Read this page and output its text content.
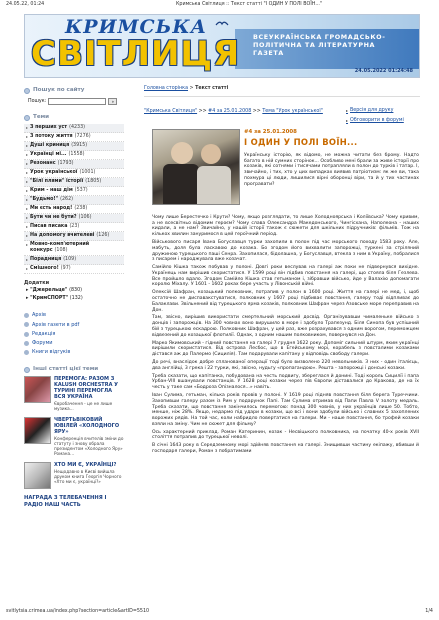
24.05.22, 01:24	Кримська Світлиця :: Текст статті "І ОДИН У ПОЛІ ВОЇН..."
КРИМСЬКА
СВІТЛИЦЯ ВСЕУКРАЇНСЬКА ГРОМАДСЬКО-ПОЛІТИЧНА ТА ЛІТЕРАТУРНА ГАЗЕТА
24.05.2022 01:24:48
Пошук по сайту
Пошук:	»
Теми
▸ З перших уст (4233)
▸ З потоку життя (7276)
▸ Душі криниця (3915)
▸ Українці мі... (1558)
▸ Резонанс (1793)
▸ Урок української (1001)
▸ "Білі плями" історії (1805)
▸ Крим - наш дім (537)
▸ "Будьмо!" (262)
▸ Ми єсть народ! (238)
▸ Бути чи не бути? (106)
▸ Писав писака (23)
▸ На допомогу вчителеві (126)
▸ Мовно-комп'ютерний конкурс (108)
▸ Порадниця (109)
▸ Смішного! (97)
Додатки
▸ "Джерельце" (830)
▸ "КримСПОРТ" (132)
Архів
Архів газети в pdf
Редакція
Форуми
Книги відгуків
Інші статті цієї теми
ПЕРЕМОГА: РАЗОМ З KALUSH ORCHESTRA У ТУРИНІ ПЕРЕМОГЛА ВСЯ УКРАЇНА
Євробачення - це не лише музика...
ЧВЕРТЬВІКОВИЙ ЮВІЛЕЙ «ХОЛОДНОГО ЯРУ»
Конференція вчителів зміни до статуту і знову обрала президентом «Холодного Яру» Романа...
ХТО МИ Є, УКРАЇНЦІ?
Нещодавно в Києві вийшла друком книга Георгія Чорного «Хто ми є, українці?»
НАГРАДА З ТЕЛЕБАЧЕННЯ І РАДІО НАШ ЧАСТЬ
Головна сторінка > Текст статті
"Кримська Світлиця" >> #4 за 25.01.2008 >> Тема "Урок української"	▸ Версія для друку
▸ Обговорити в форумі
#4 за 25.01.2008
І ОДИН У ПОЛІ ВОЇН...
Українську історію, як відомо, не можна читати без брому. Надто багато в ній сумних сторінок... Особливо мені брали за живе історії про козаків, які сотнями і тисячами потрапляли в полон до турків і татар. І, звичайно, і тих, хто у цих випадках виявив патріотизм: як же ви, така похмура ці люди, лишилися вірні оборонці віри, та й у тих частинах програвати?

Чому лише Берестечко і Крути? Чому, якщо розглядати, то лише Холодноярська і Коліївська? Чому кривим, а не всесвітньо відомим героєм? Чому слава Олександра Македонського, Чингісхана, Наполеона - наших кидали, а не нам? Звичайно, у нашій історії також є сюжети для шкільних підручників: фільмів. Тож на кількох хвилин зануримося в цей героїчний період.

Військового писаря Івана Богуславця турки захопили в полон під час морського походу 1583 року. Але, мабуть, доля була ласкавою до козака. Бо згодом його вихвалити запорожці, туркені за стріляний дружиною турецького паші Сенра. Захопилася, бідолашна, у Богуславця, втекла з ним в Україну, побралися з писарем і народжувала вже козачат.

Самійло Кішка також побував у полоні. Довгі роки веслував на галері аж поки не підвернувся вихідне. Українець нам вирішив скористатися. У 1599 році він підбив повстання на галері, що стояла біля Гезлева. Все пройшло вдало. Згодом Самійло Кішка став гетьманом і, зібравши військо, йде у Валахію допомагати королю Міхалу. У 1601 - 1602 роках бере участь у Лівонській війні.

Олексій Шафран, козацький полковник, потрапив у полон в 1600 році. Життя на галері не мед, і, щоб остаточно не диспавакстуватися, полковник у 1607 році підбиває повстання, галеру тоді відпливає до Балаклави. Звільнений від турецького ярма козаків, полковник Шафран через Азовське море переправив на Дон.

Там, звісно, вирішив використати смертельний морський досвід. Організувавши чималеньке військо з донців і запорожців. На 300 човнах воно вирушило в море і здобуло Трапезунд. Біля Синопа був успішний бій з турецькою ескадрою. Полковник Шафран, у цей раз, вже розрахувався з одним ворогом, переможцем відвезений до козацької флотилії. Однак, з одним нашим полковником, повернувся на Дон.

Марко Якимовський - гідний повстання на галері 7 грудня 1622 року. Допоміг сильний штурм, яким українці вирішили скористатися. Від острова Лесбос, що в Егейському морі, корабель з повсталими козаками дістався аж до Палермо (Сицилія). Там подарували капітану у відповідь свободу галери.

До речі, внаслідок добре спланованої операції тоді було визволено 220 невольників. З них - один італієць, два англійці, 3 грека і 22 турки, які, звісно, нудьгу «пропагандою». Решта - запорожці і донські козаки.

Треба сказати, що капітанка, побудована на честь подвигу, збереглася й донині. Тоді король Сицилії і папа Урбан-VIII вшанували повстанців. У 1628 році козаки через пів Європи діставалися до Кракова, де на їх честь у таке сам «Бодроза Опізналося...» навіть.

Іван Сулима, гетьман, кілька років провів у полоні. У 1619 році підняв повстання біля берега Туреччини. Захопивши галеру разом із Рим у подарунок Папі. Там Сулима отримав від Папи Павла V золоту медаль. Треба сказати, що повстання закінчилось перемогою: понад 300 човнів, у них українців лише 50. Тобто, менше, ніж 28%. Якщо, недармо під удари в козаки, що всі і вони здобули військо і славних 5 захоплених ворожих рядів. На той час, коли набридло повертатися на галери. Ми - наше повстання, бо трофей козаки взяли на зміну. Чим не сюжет для фільму?

Ось характерний приклад. Роман Катеринин, козак - Несвіцького полковника, на початку 40-х років XVII століття потрапив до турецької неволі.

В січні 1643 року в Середземному морі здійняв повстання на галері. Знищивши частину екіпажу, вбивши й господаря галери, Роман з побратимами

svitlytsia.crimea.ua/index.php?section=article&artID=5510	1/4
